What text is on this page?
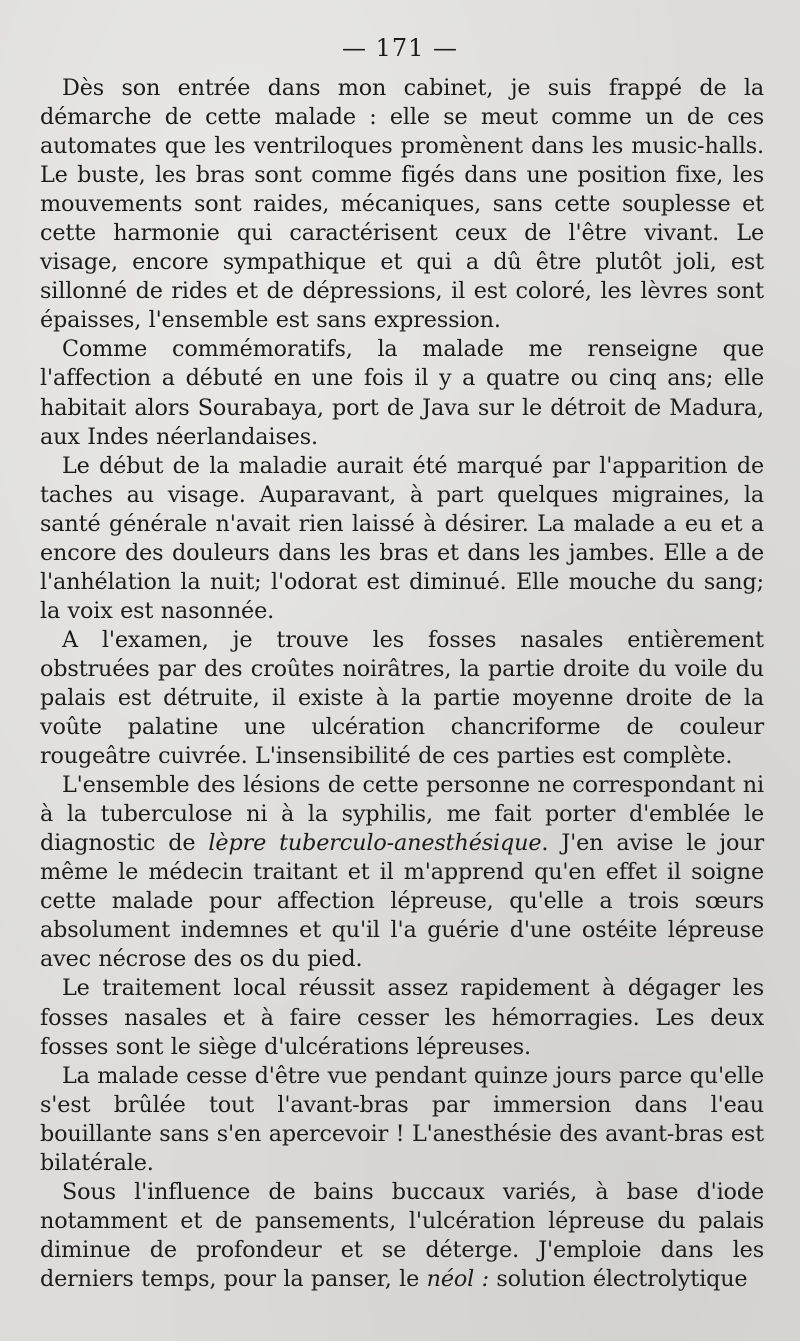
— 171 —

Dès son entrée dans mon cabinet, je suis frappé de la démarche de cette malade : elle se meut comme un de ces automates que les ventriloques promènent dans les music-halls. Le buste, les bras sont comme figés dans une position fixe, les mouvements sont raides, mécaniques, sans cette souplesse et cette harmonie qui caractérisent ceux de l'être vivant. Le visage, encore sympathique et qui a dû être plutôt joli, est sillonné de rides et de dépressions, il est coloré, les lèvres sont épaisses, l'ensemble est sans expression.

Comme commémoratifs, la malade me renseigne que l'affection a débuté en une fois il y a quatre ou cinq ans; elle habitait alors Sourabaya, port de Java sur le détroit de Madura, aux Indes néerlandaises.

Le début de la maladie aurait été marqué par l'apparition de taches au visage. Auparavant, à part quelques migraines, la santé générale n'avait rien laissé à désirer. La malade a eu et a encore des douleurs dans les bras et dans les jambes. Elle a de l'anhélation la nuit; l'odorat est diminué. Elle mouche du sang; la voix est nasonnée.

A l'examen, je trouve les fosses nasales entièrement obstruées par des croûtes noirâtres, la partie droite du voile du palais est détruite, il existe à la partie moyenne droite de la voûte palatine une ulcération chancriforme de couleur rougeâtre cuivrée. L'insensibilité de ces parties est complète.

L'ensemble des lésions de cette personne ne correspondant ni à la tuberculose ni à la syphilis, me fait porter d'emblée le diagnostic de lèpre tuberculo-anesthésique. J'en avise le jour même le médecin traitant et il m'apprend qu'en effet il soigne cette malade pour affection lépreuse, qu'elle a trois sœurs absolument indemnes et qu'il l'a guérie d'une ostéite lépreuse avec nécrose des os du pied.

Le traitement local réussit assez rapidement à dégager les fosses nasales et à faire cesser les hémorragies. Les deux fosses sont le siège d'ulcérations lépreuses.

La malade cesse d'être vue pendant quinze jours parce qu'elle s'est brûlée tout l'avant-bras par immersion dans l'eau bouillante sans s'en apercevoir ! L'anesthésie des avant-bras est bilatérale.

Sous l'influence de bains buccaux variés, à base d'iode notamment et de pansements, l'ulcération lépreuse du palais diminue de profondeur et se déterge. J'emploie dans les derniers temps, pour la panser, le néol : solution électrolytique
